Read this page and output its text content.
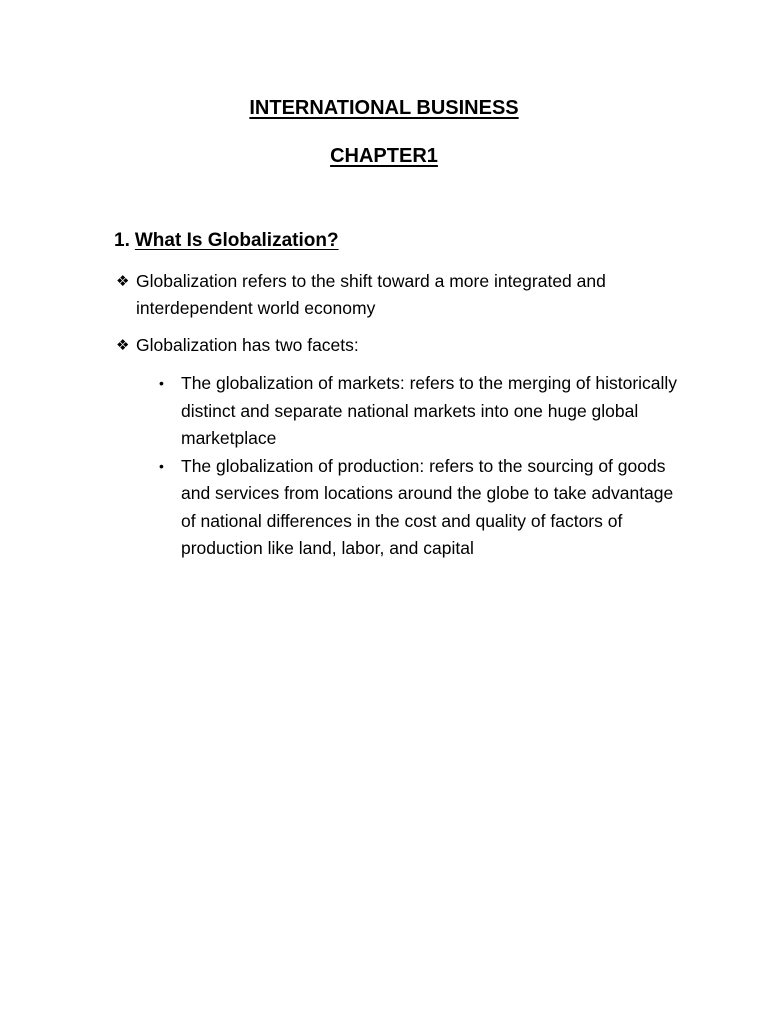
INTERNATIONAL BUSINESS
CHAPTER1
1. What Is Globalization?
❖ Globalization refers to the shift toward a more integrated and interdependent world economy
❖ Globalization has two facets:
• The globalization of markets: refers to the merging of historically distinct and separate national markets into one huge global marketplace
• The globalization of production: refers to the sourcing of goods and services from locations around the globe to take advantage of national differences in the cost and quality of factors of production like land, labor, and capital
